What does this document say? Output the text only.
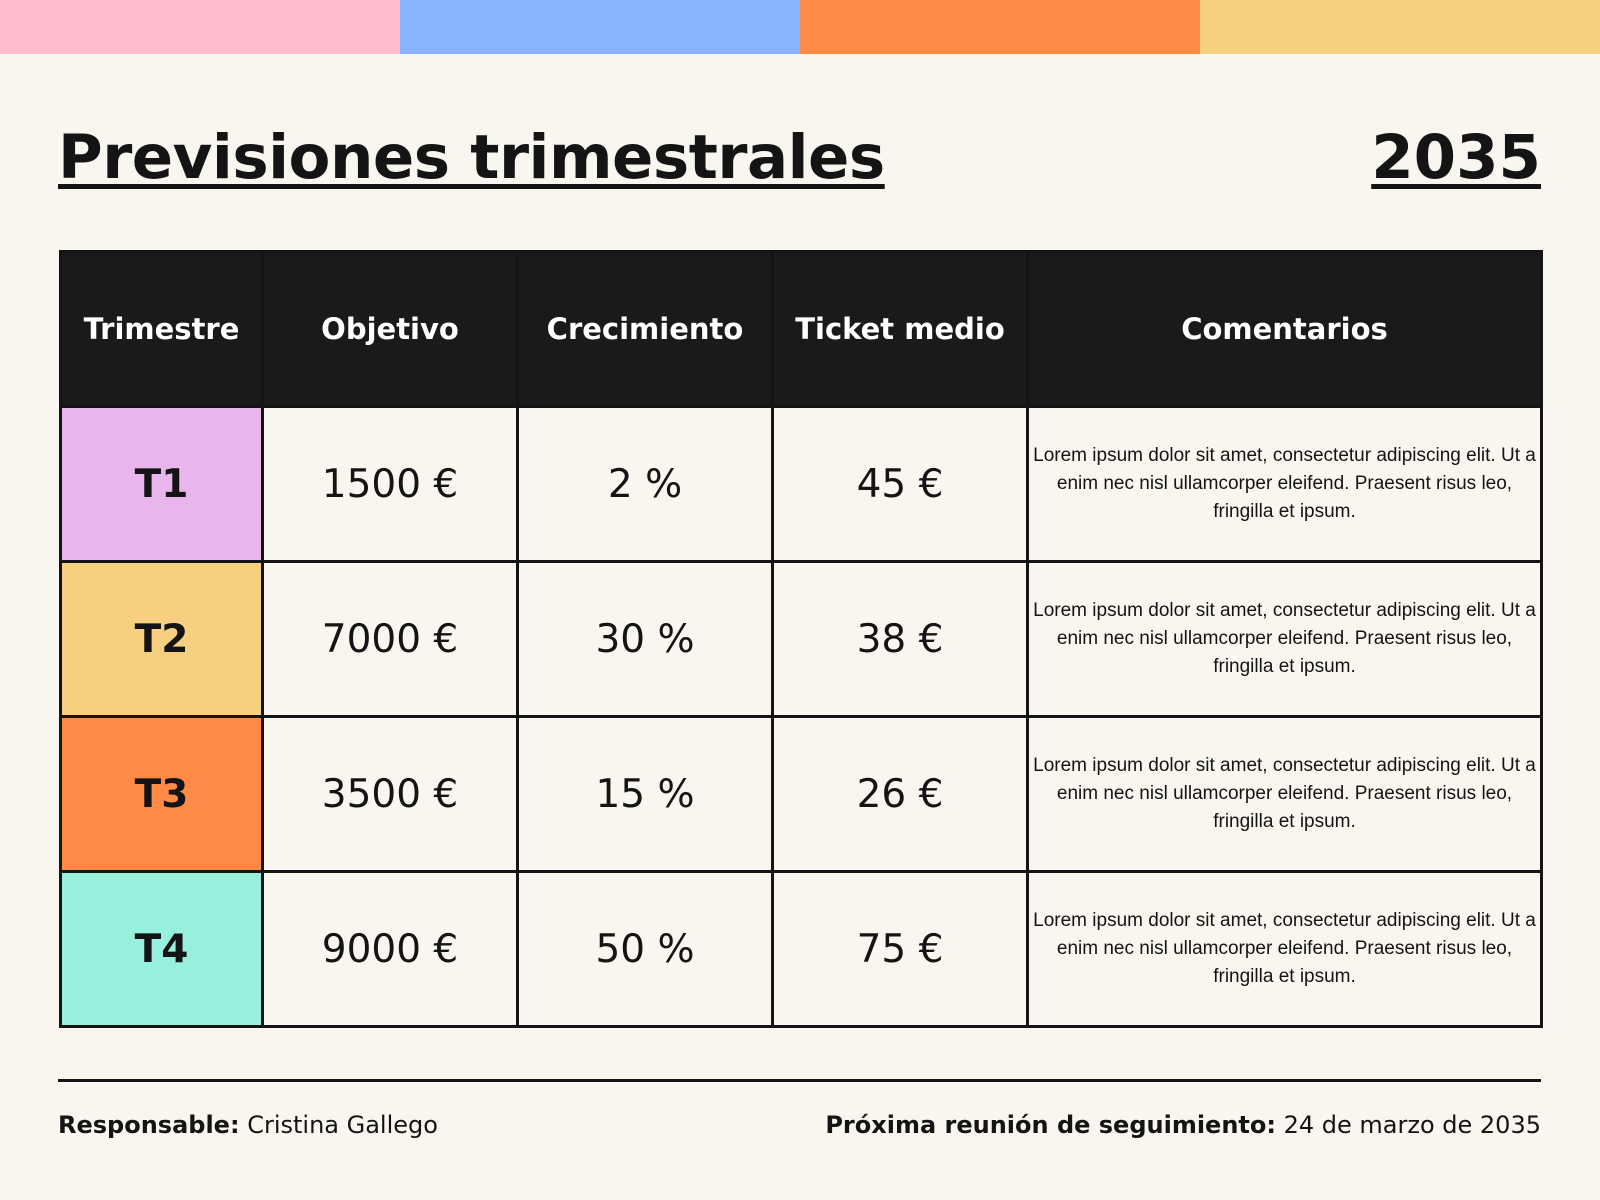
Previsiones trimestrales	2035
Trimestre	Objetivo	Crecimiento	Ticket medio	Comentarios
T1	1500 €	2 %	45 €	Lorem ipsum dolor sit amet, consectetur adipiscing elit. Ut a enim nec nisl ullamcorper eleifend. Praesent risus leo, fringilla et ipsum.
T2	7000 €	30 %	38 €	Lorem ipsum dolor sit amet, consectetur adipiscing elit. Ut a enim nec nisl ullamcorper eleifend. Praesent risus leo, fringilla et ipsum.
T3	3500 €	15 %	26 €	Lorem ipsum dolor sit amet, consectetur adipiscing elit. Ut a enim nec nisl ullamcorper eleifend. Praesent risus leo, fringilla et ipsum.
T4	9000 €	50 %	75 €	Lorem ipsum dolor sit amet, consectetur adipiscing elit. Ut a enim nec nisl ullamcorper eleifend. Praesent risus leo, fringilla et ipsum.
Responsable: Cristina Gallego	Próxima reunión de seguimiento: 24 de marzo de 2035
